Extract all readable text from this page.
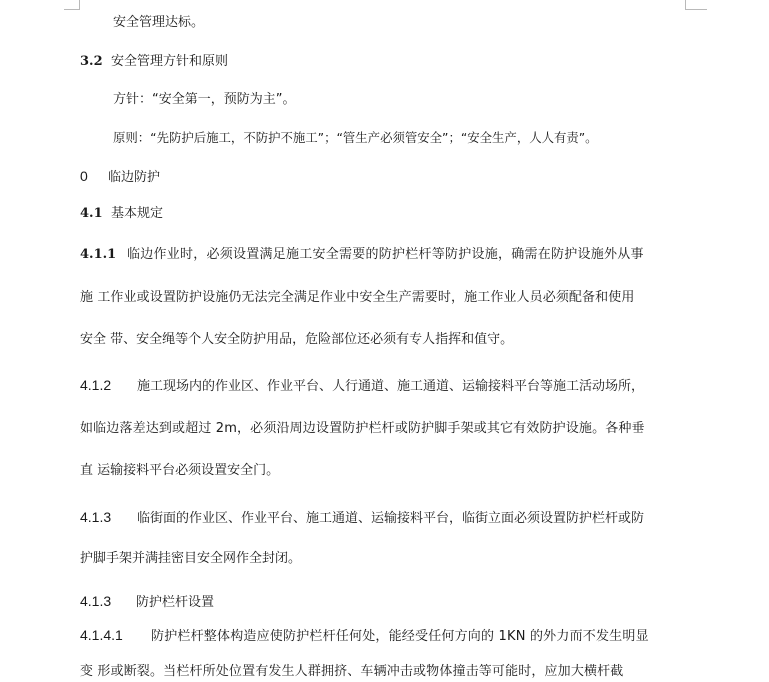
安全管理达标。
3.2 安全管理方针和原则
方针：“安全第一，预防为主”。
原则：“先防护后施工，不防护不施工”；“管生产必须管安全”；“安全生产，人人有责”。
0 临边防护
4.1 基本规定
4.1.1 临边作业时，必须设置满足施工安全需要的防护栏杆等防护设施，确需在防护设施外从事
施 工作业或设置防护设施仍无法完全满足作业中安全生产需要时，施工作业人员必须配备和使用
安全 带、安全绳等个人安全防护用品，危险部位还必须有专人指挥和值守。
4.1.2 施工现场内的作业区、作业平台、人行通道、施工通道、运输接料平台等施工活动场所，
如临边落差达到或超过 2m，必须沿周边设置防护栏杆或防护脚手架或其它有效防护设施。各种垂
直 运输接料平台必须设置安全门。
4.1.3 临街面的作业区、作业平台、施工通道、运输接料平台，临街立面必须设置防护栏杆或防
护脚手架并满挂密目安全网作全封闭。
4.1.3 防护栏杆设置
4.1.4.1 防护栏杆整体构造应使防护栏杆任何处，能经受任何方向的 1KN 的外力而不发生明显
变 形或断裂。当栏杆所处位置有发生人群拥挤、车辆冲击或物体撞击等可能时，应加大横杆截
